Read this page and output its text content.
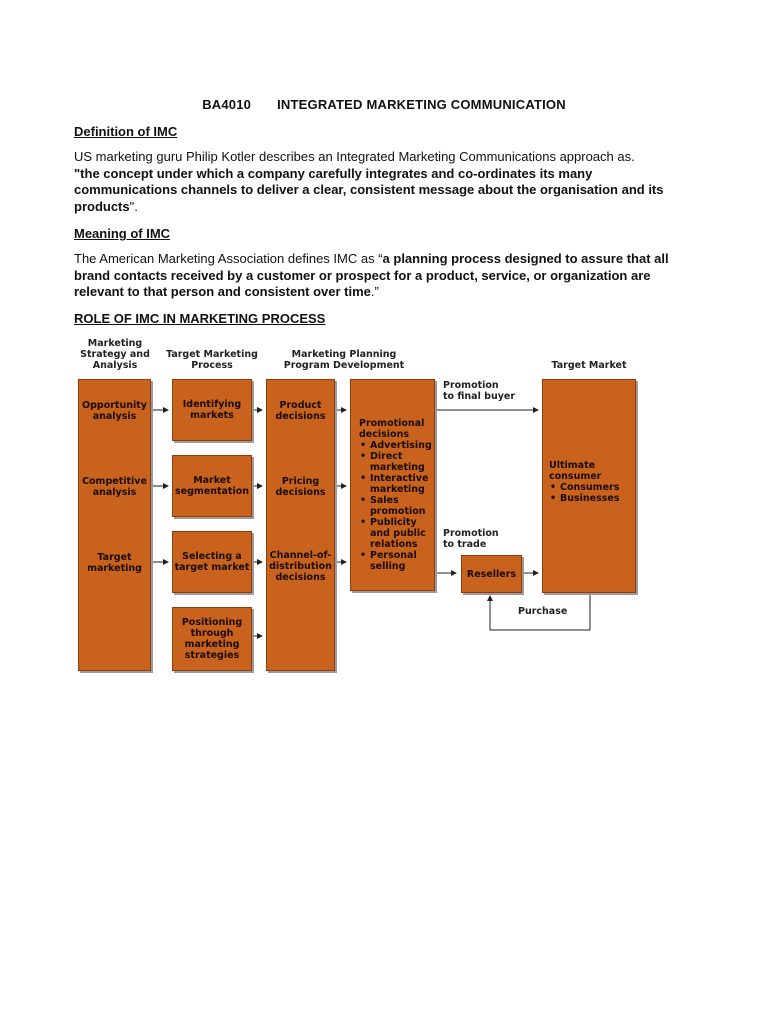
BA4010 INTEGRATED MARKETING COMMUNICATION
Definition of IMC
US marketing guru Philip Kotler describes an Integrated Marketing Communications approach as.
"the concept under which a company carefully integrates and co-ordinates its many communications channels to deliver a clear, consistent message about the organisation and its products".
Meaning of IMC
The American Marketing Association defines IMC as “a planning process designed to assure that all brand contacts received by a customer or prospect for a product, service, or organization are relevant to that person and consistent over time.”
ROLE OF IMC IN MARKETING PROCESS
Marketing
Strategy and
Analysis
Target Marketing
Process
Marketing Planning
Program Development	Target Market
Opportunity
analysis
Competitive
analysis
Target
marketing
Identifying
markets
Market
segmentation
Selecting a
target market
Positioning
through
marketing
strategies
Product
decisions
Pricing
decisions
Channel-of-
distribution
decisions
Promotional
decisions
• Advertising
• Direct
marketing
• Interactive
marketing
• Sales
promotion
• Publicity
and public
relations
• Personal
selling
Promotion
to final buyer
Promotion
to trade
Resellers
Purchase
Ultimate
consumer
• Consumers
• Businesses
